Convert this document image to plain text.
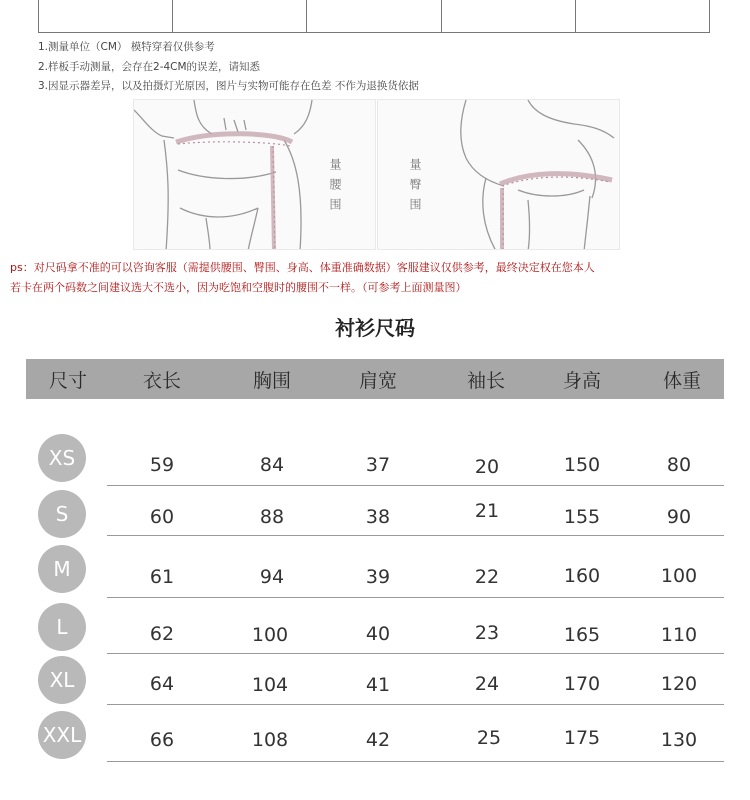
1.测量单位（CM） 模特穿着仅供参考
2.样板手动测量，会存在2-4CM的误差，请知悉
3.因显示器差异，以及拍摄灯光原因，图片与实物可能存在色差 不作为退换货依据
量腰围	量臀围
ps：对尺码拿不准的可以咨询客服（需提供腰围、臀围、身高、体重准确数据）客服建议仅供参考，最终决定权在您本人
若卡在两个码数之间建议选大不选小，因为吃饱和空腹时的腰围不一样。（可参考上面测量图）
衬衫尺码
尺寸	衣长	胸围	肩宽	袖长	身高	体重
XS	59	84	37	20	150	80
S	60	88	38	21	155	90
M	61	94	39	22	160	100
L	62	100	40	23	165	110
XL	64	104	41	24	170	120
XXL	66	108	42	25	175	130
